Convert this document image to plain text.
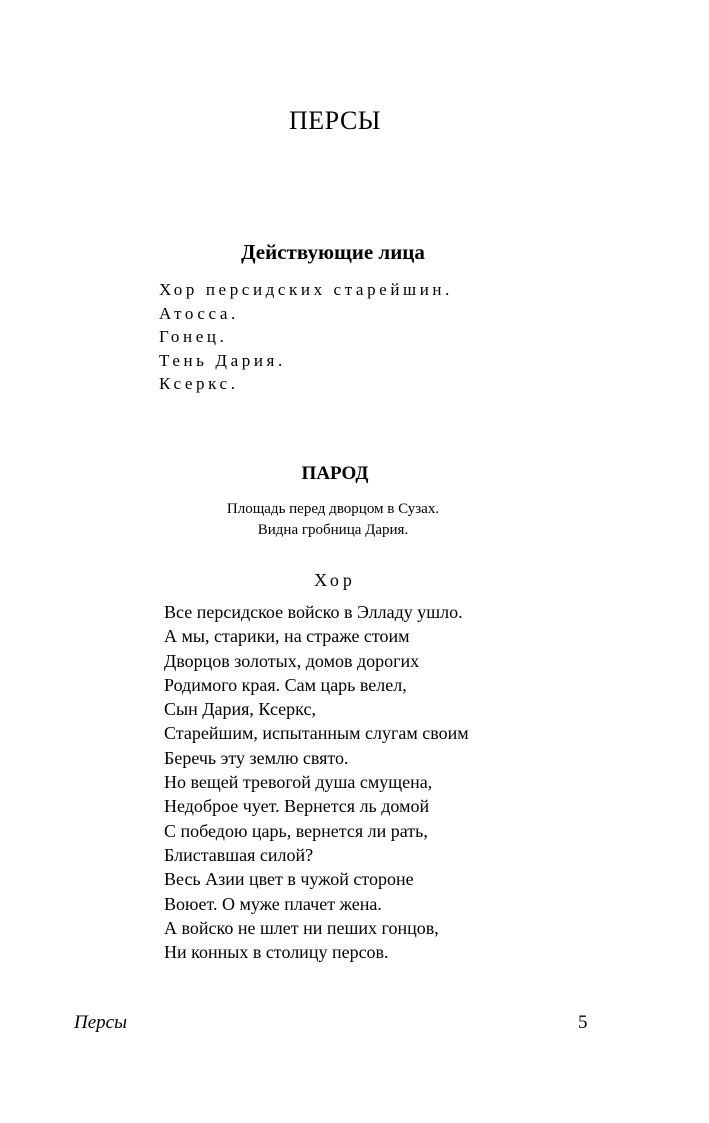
ПЕРСЫ
Действующие лица
Хор персидских старейшин.
Атосса.
Гонец.
Тень Дария.
Ксеркс.
ПАРОД
Площадь перед дворцом в Сузах.
Видна гробница Дария.
Хор
Все персидское войско в Элладу ушло.
А мы, старики, на страже стоим
Дворцов золотых, домов дорогих
Родимого края. Сам царь велел,
Сын Дария, Ксеркс,
Старейшим, испытанным слугам своим
Беречь эту землю свято.
Но вещей тревогой душа смущена,
Недоброе чует. Вернется ль домой
С победою царь, вернется ли рать,
Блиставшая силой?
Весь Азии цвет в чужой стороне
Воюет. О муже плачет жена.
А войско не шлет ни пеших гонцов,
Ни конных в столицу персов.
Персы	5
